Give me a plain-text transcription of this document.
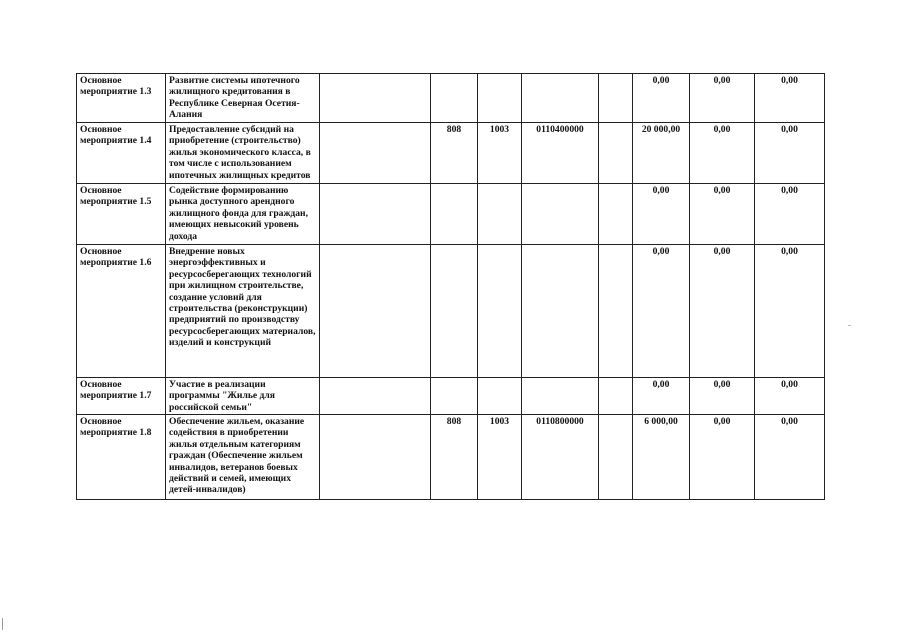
Основное мероприятие 1.3	Развитие системы ипотечного жилищного кредитования в Республике Северная Осетия-Алания						0,00	0,00	0,00
Основное мероприятие 1.4	Предоставление субсидий на приобретение (строительство) жилья экономического класса, в том числе с использованием ипотечных жилищных кредитов		808	1003	0110400000		20 000,00	0,00	0,00
Основное мероприятие 1.5	Содействие формированию рынка доступного арендного жилищного фонда для граждан, имеющих невысокий уровень дохода						0,00	0,00	0,00
Основное мероприятие 1.6	Внедрение новых энергоэффективных и ресурсосберегающих технологий при жилищном строительстве, создание условий для строительства (реконструкции) предприятий по производству ресурсосберегающих материалов, изделий и конструкций						0,00	0,00	0,00
Основное мероприятие 1.7	Участие в реализации программы "Жилье для российской семьи"						0,00	0,00	0,00
Основное мероприятие 1.8	Обеспечение жильем, оказание содействия в приобретении жилья отдельным категориям граждан (Обеспечение жильем инвалидов, ветеранов боевых действий и семей, имеющих детей-инвалидов)		808	1003	0110800000		6 000,00	0,00	0,00
